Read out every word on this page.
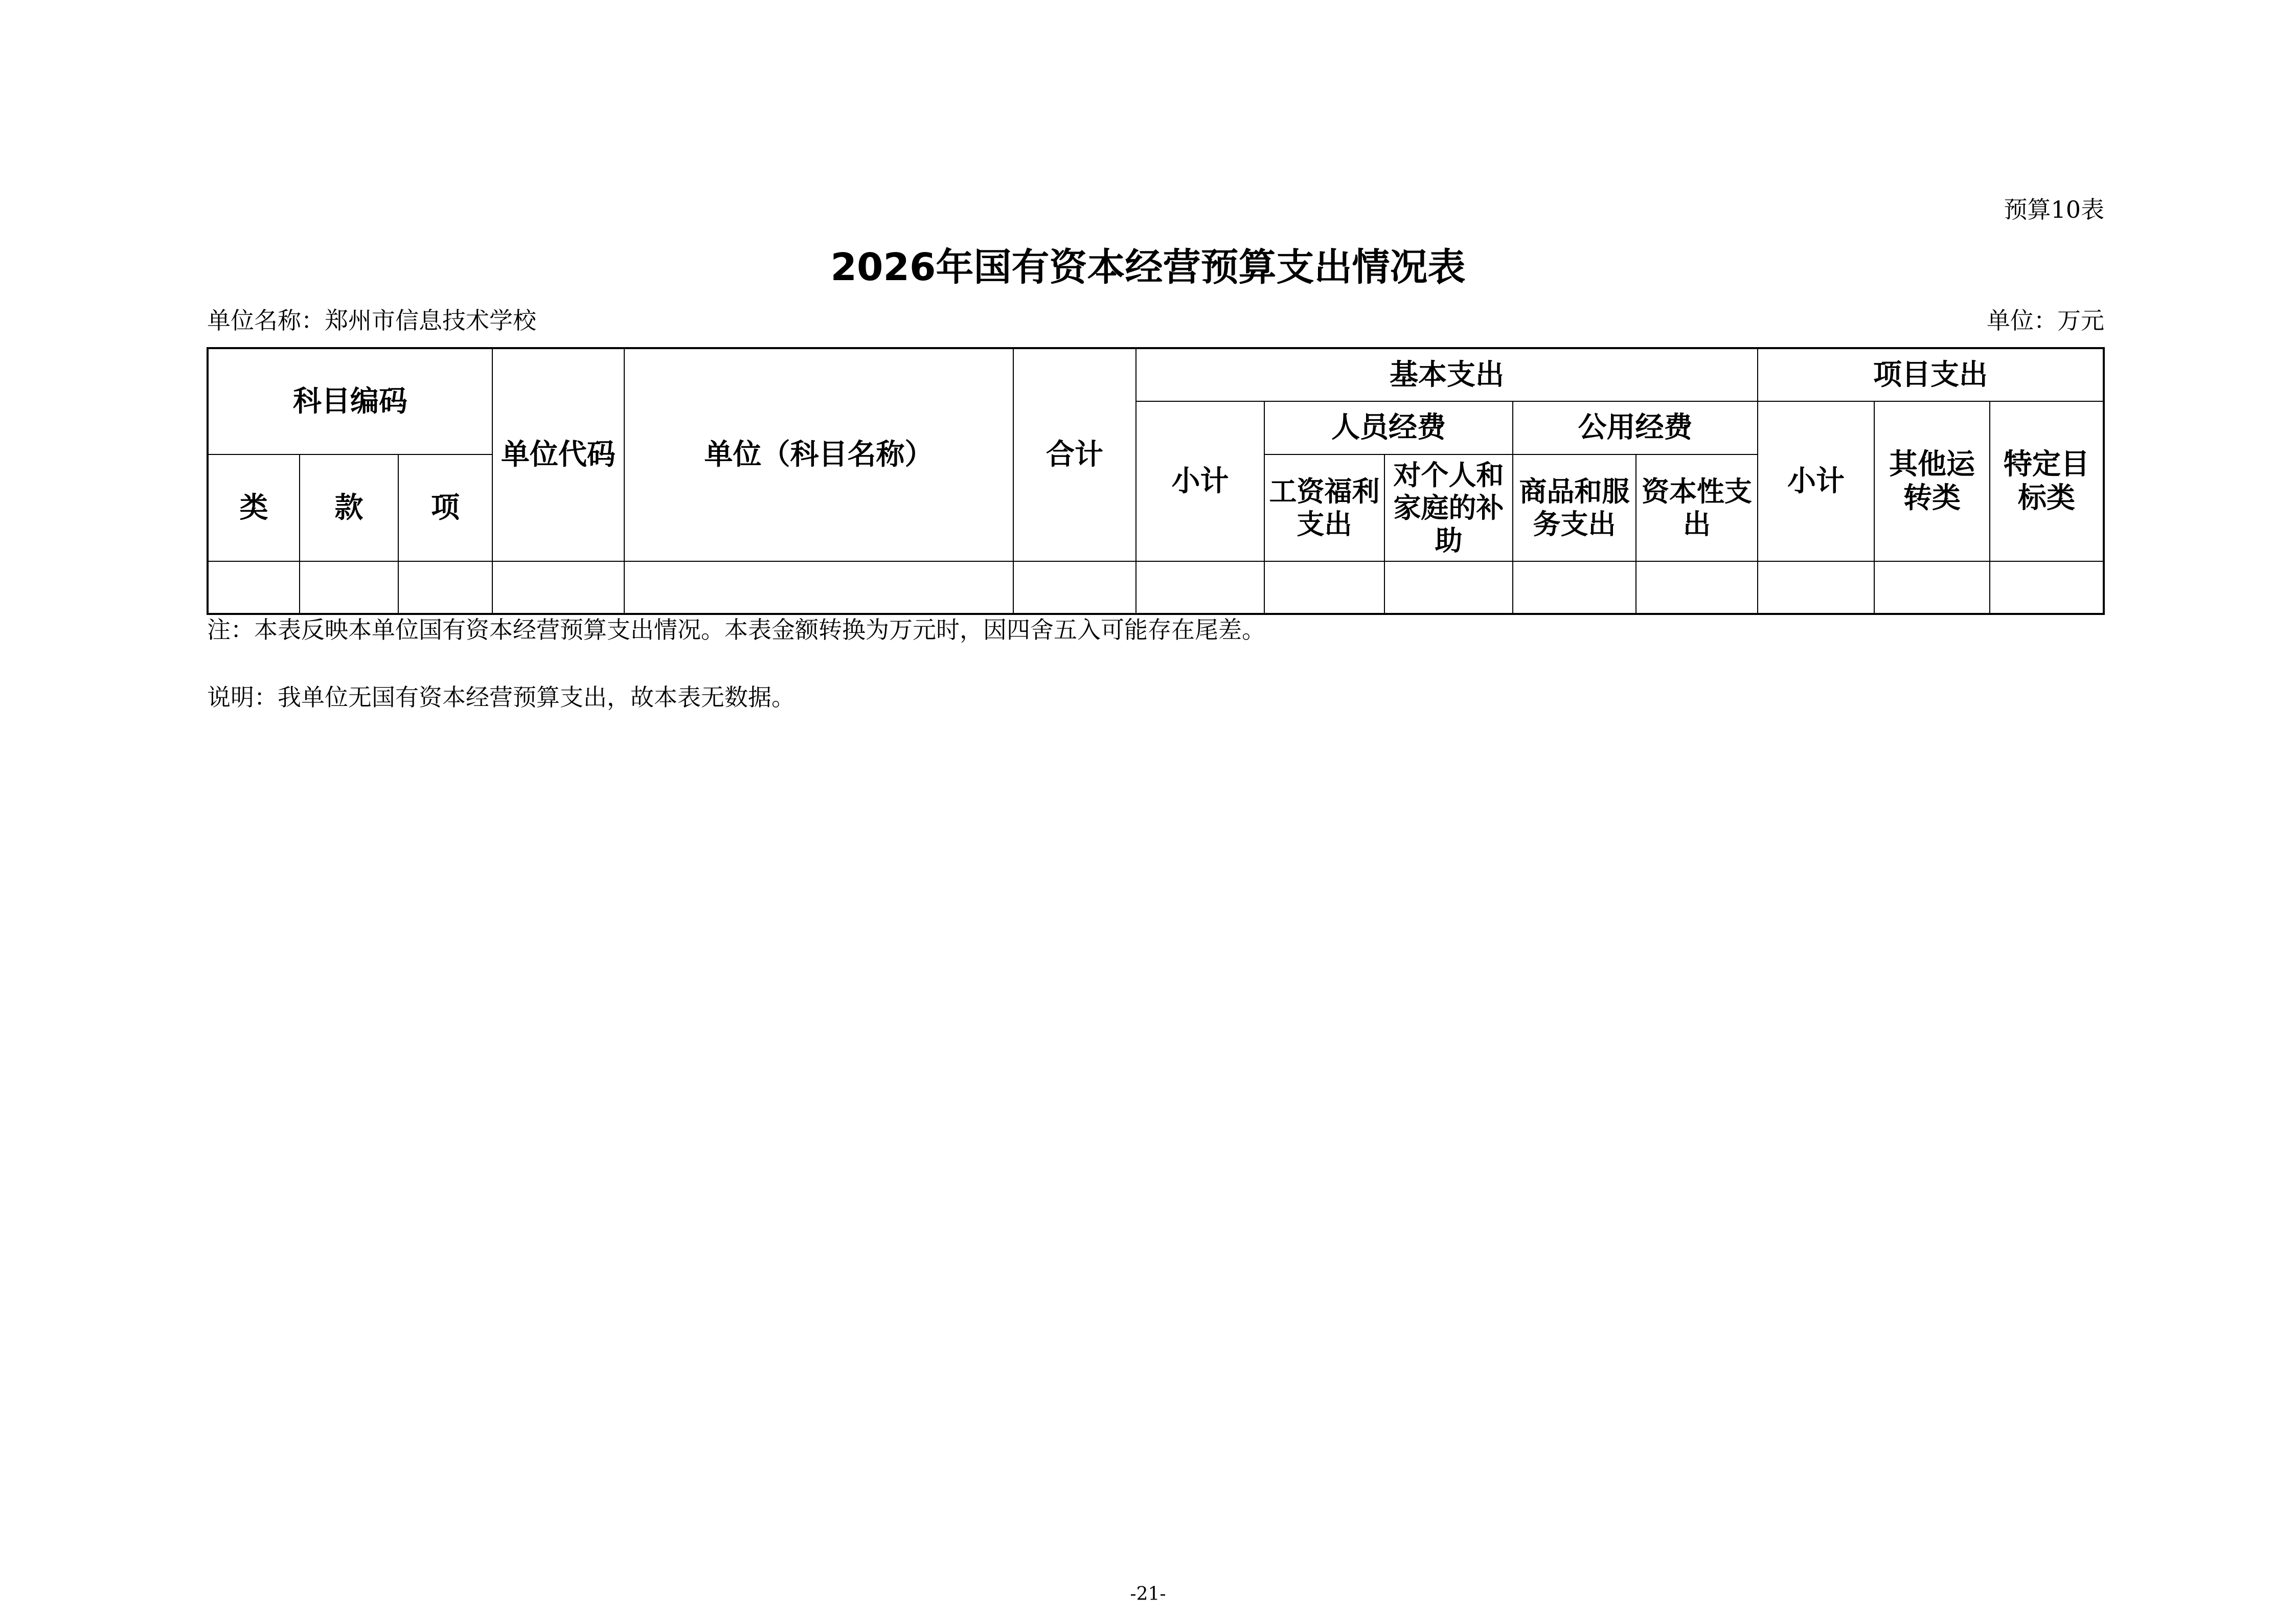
预算10表
2026年国有资本经营预算支出情况表
单位名称：郑州市信息技术学校	单位：万元
科目编码			单位代码	单位（科目名称）	合计	基本支出					项目支出		
						小计	人员经费		公用经费		小计	其他运转类	特定目标类
类	款	项					工资福利支出	对个人和家庭的补助	商品和服务支出	资本性支出			

注：本表反映本单位国有资本经营预算支出情况。本表金额转换为万元时，因四舍五入可能存在尾差。
说明：我单位无国有资本经营预算支出，故本表无数据。
-21-
